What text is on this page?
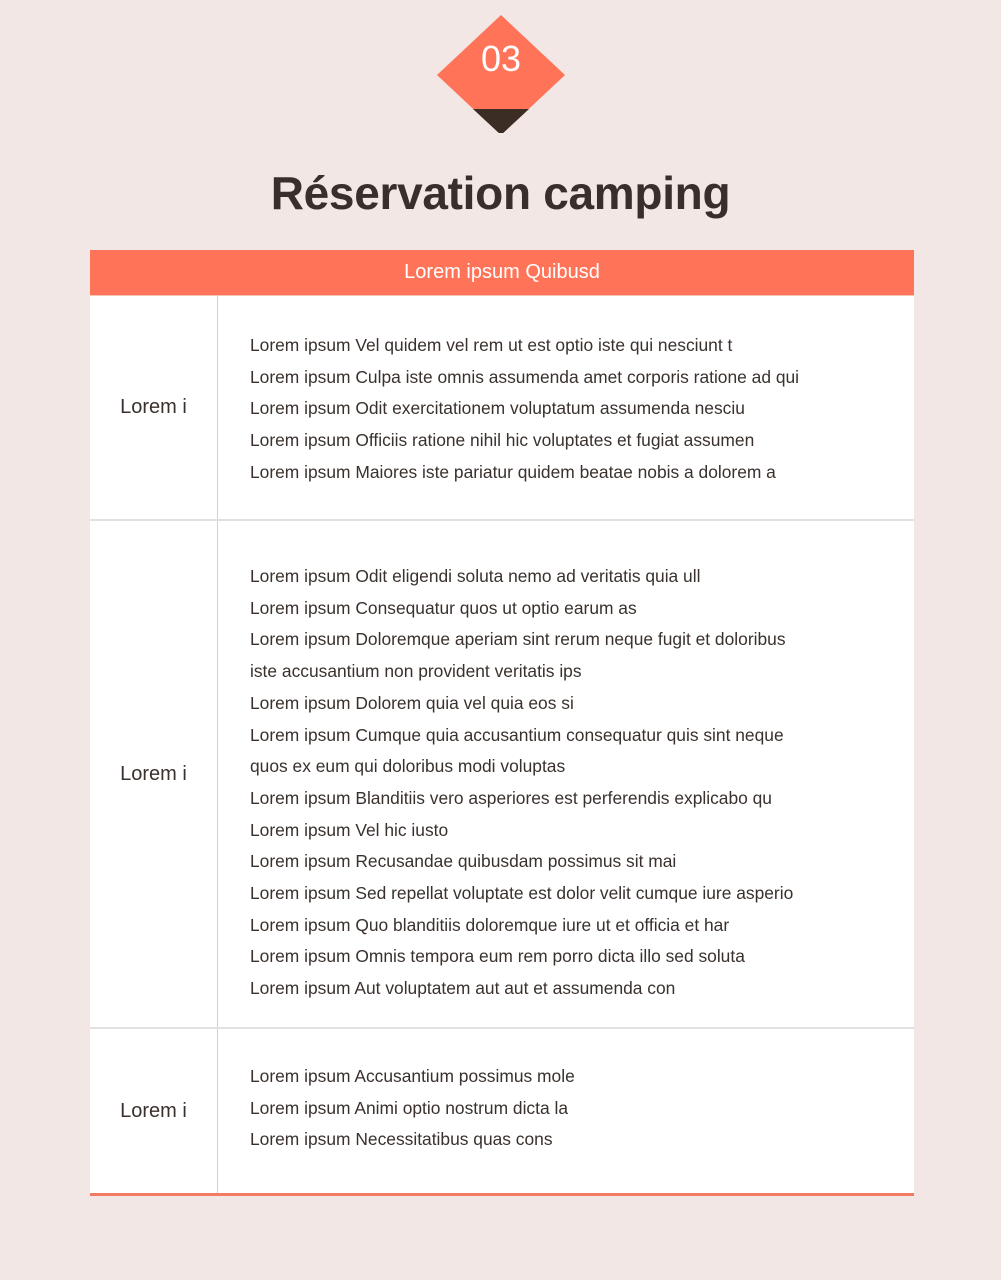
03
Réservation camping
Lorem ipsum Quibusd
Lorem i
Lorem ipsum Vel quidem vel rem ut est optio iste qui nesciunt t
Lorem ipsum Culpa iste omnis assumenda amet corporis ratione ad qui
Lorem ipsum Odit exercitationem voluptatum assumenda nesciu
Lorem ipsum Officiis ratione nihil hic voluptates et fugiat assumen
Lorem ipsum Maiores iste pariatur quidem beatae nobis a dolorem a
Lorem i
Lorem ipsum Odit eligendi soluta nemo ad veritatis quia ull
Lorem ipsum Consequatur quos ut optio earum as
Lorem ipsum Doloremque aperiam sint rerum neque fugit et doloribus
iste accusantium non provident veritatis ips
Lorem ipsum Dolorem quia vel quia eos si
Lorem ipsum Cumque quia accusantium consequatur quis sint neque
quos ex eum qui doloribus modi voluptas
Lorem ipsum Blanditiis vero asperiores est perferendis explicabo qu
Lorem ipsum Vel hic iusto
Lorem ipsum Recusandae quibusdam possimus sit mai
Lorem ipsum Sed repellat voluptate est dolor velit cumque iure asperio
Lorem ipsum Quo blanditiis doloremque iure ut et officia et har
Lorem ipsum Omnis tempora eum rem porro dicta illo sed soluta
Lorem ipsum Aut voluptatem aut aut et assumenda con
Lorem i
Lorem ipsum Accusantium possimus mole
Lorem ipsum Animi optio nostrum dicta la
Lorem ipsum Necessitatibus quas cons
